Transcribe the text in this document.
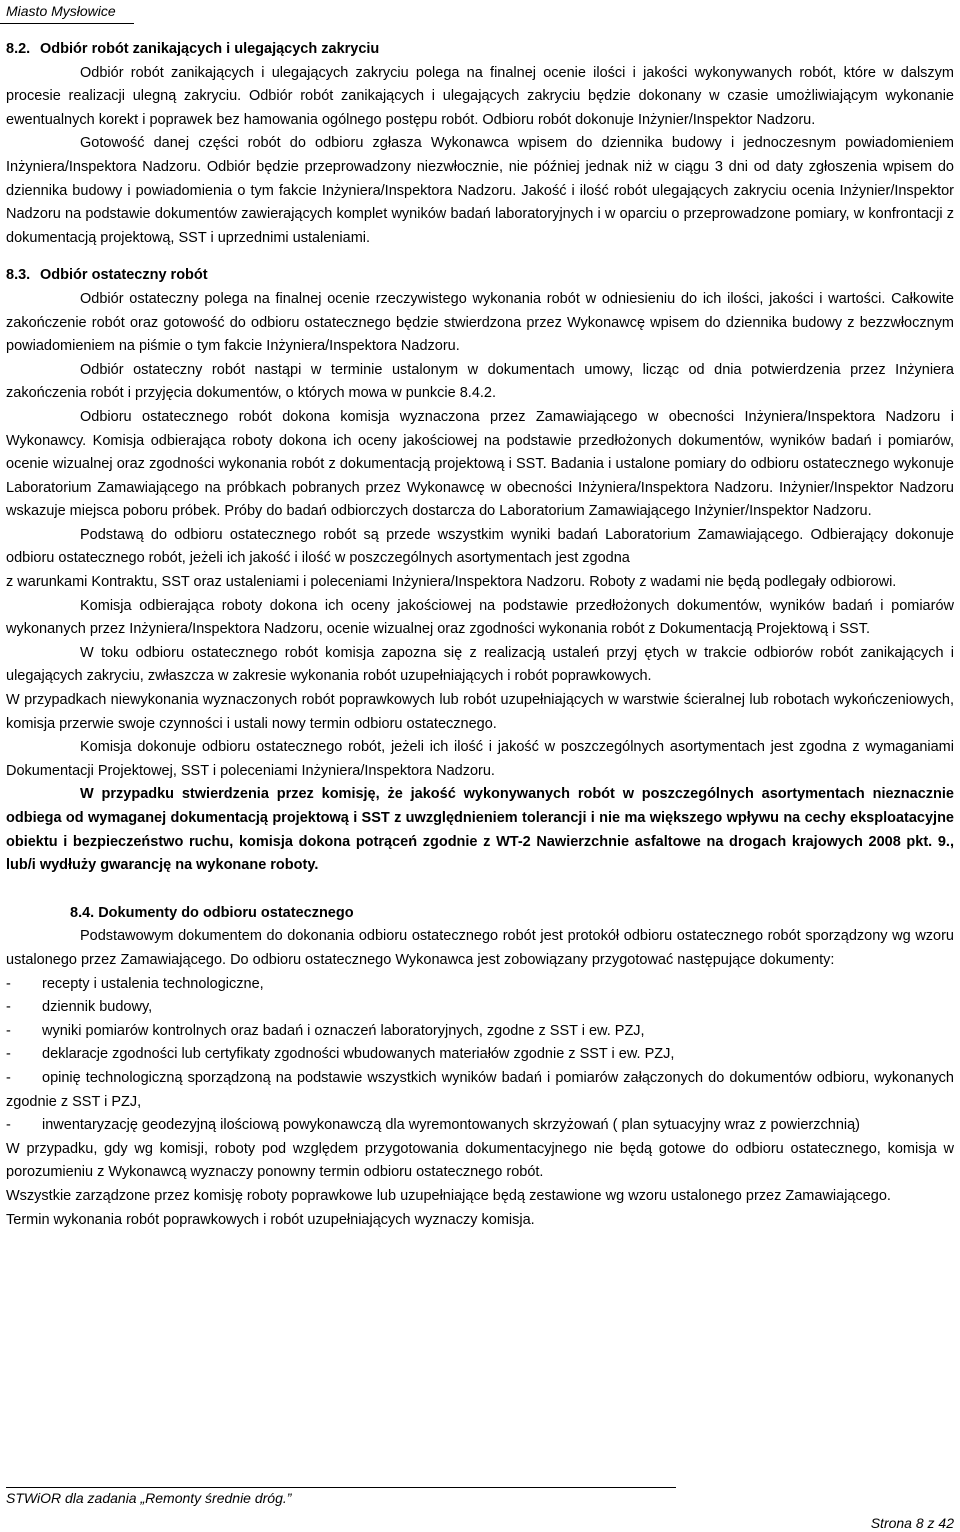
Miasto Mysłowice

8.2. Odbiór robót zanikających i ulegających zakryciu

Odbiór robót zanikających i ulegających zakryciu polega na finalnej ocenie ilości i jakości wykonywanych robót, które w dalszym procesie realizacji ulegną zakryciu. Odbiór robót zanikających i ulegających zakryciu będzie dokonany w czasie umożliwiającym wykonanie ewentualnych korekt i poprawek bez hamowania ogólnego postępu robót. Odbioru robót dokonuje Inżynier/Inspektor Nadzoru.

Gotowość danej części robót do odbioru zgłasza Wykonawca wpisem do dziennika budowy i jednoczesnym powiadomieniem Inżyniera/Inspektora Nadzoru. Odbiór będzie przeprowadzony niezwłocznie, nie później jednak niż w ciągu 3 dni od daty zgłoszenia wpisem do dziennika budowy i powiadomienia o tym fakcie Inżyniera/Inspektora Nadzoru. Jakość i ilość robót ulegających zakryciu ocenia Inżynier/Inspektor Nadzoru na podstawie dokumentów zawierających komplet wyników badań laboratoryjnych i w oparciu o przeprowadzone pomiary, w konfrontacji z dokumentacją projektową, SST i uprzednimi ustaleniami.

8.3. Odbiór ostateczny robót

Odbiór ostateczny polega na finalnej ocenie rzeczywistego wykonania robót w odniesieniu do ich ilości, jakości i wartości. Całkowite zakończenie robót oraz gotowość do odbioru ostatecznego będzie stwierdzona przez Wykonawcę wpisem do dziennika budowy z bezzwłocznym powiadomieniem na piśmie o tym fakcie Inżyniera/Inspektora Nadzoru.

Odbiór ostateczny robót nastąpi w terminie ustalonym w dokumentach umowy, licząc od dnia potwierdzenia przez Inżyniera zakończenia robót i przyjęcia dokumentów, o których mowa w punkcie 8.4.2.

Odbioru ostatecznego robót dokona komisja wyznaczona przez Zamawiającego w obecności Inżyniera/Inspektora Nadzoru i Wykonawcy. Komisja odbierająca roboty dokona ich oceny jakościowej na podstawie przedłożonych dokumentów, wyników badań i pomiarów, ocenie wizualnej oraz zgodności wykonania robót z dokumentacją projektową i SST. Badania i ustalone pomiary do odbioru ostatecznego wykonuje Laboratorium Zamawiającego na próbkach pobranych przez Wykonawcę w obecności Inżyniera/Inspektora Nadzoru. Inżynier/Inspektor Nadzoru wskazuje miejsca poboru próbek. Próby do badań odbiorczych dostarcza do Laboratorium Zamawiającego Inżynier/Inspektor Nadzoru.

Podstawą do odbioru ostatecznego robót są przede wszystkim wyniki badań Laboratorium Zamawiającego. Odbierający dokonuje odbioru ostatecznego robót, jeżeli ich jakość i ilość w poszczególnych asortymentach jest zgodna

z warunkami Kontraktu, SST oraz ustaleniami i poleceniami Inżyniera/Inspektora Nadzoru. Roboty z wadami nie będą podlegały odbiorowi.

Komisja odbierająca roboty dokona ich oceny jakościowej na podstawie przedłożonych dokumentów, wyników badań i pomiarów wykonanych przez Inżyniera/Inspektora Nadzoru, ocenie wizualnej oraz zgodności wykonania robót z Dokumentacją Projektową i SST.

W toku odbioru ostatecznego robót komisja zapozna się z realizacją ustaleń przyj ętych w trakcie odbiorów robót zanikających i ulegających zakryciu, zwłaszcza w zakresie wykonania robót uzupełniających i robót poprawkowych.

W przypadkach niewykonania wyznaczonych robót poprawkowych lub robót uzupełniających w warstwie ścieralnej lub robotach wykończeniowych, komisja przerwie swoje czynności i ustali nowy termin odbioru ostatecznego.

Komisja dokonuje odbioru ostatecznego robót, jeżeli ich ilość i jakość w poszczególnych asortymentach jest zgodna z wymaganiami Dokumentacji Projektowej, SST i poleceniami Inżyniera/Inspektora Nadzoru.

W przypadku stwierdzenia przez komisję, że jakość wykonywanych robót w poszczególnych asortymentach nieznacznie odbiega od wymaganej dokumentacją projektową i SST z uwzględnieniem tolerancji i nie ma większego wpływu na cechy eksploatacyjne obiektu i bezpieczeństwo ruchu, komisja dokona potrąceń zgodnie z WT-2 Nawierzchnie asfaltowe na drogach krajowych 2008 pkt. 9., lub/i wydłuży gwarancję na wykonane roboty.

8.4. Dokumenty do odbioru ostatecznego

Podstawowym dokumentem do dokonania odbioru ostatecznego robót jest protokół odbioru ostatecznego robót sporządzony wg wzoru ustalonego przez Zamawiającego. Do odbioru ostatecznego Wykonawca jest zobowiązany przygotować następujące dokumenty:

- recepty i ustalenia technologiczne,

- dziennik budowy,

- wyniki pomiarów kontrolnych oraz badań i oznaczeń laboratoryjnych, zgodne z SST i ew. PZJ,

- deklaracje zgodności lub certyfikaty zgodności wbudowanych materiałów zgodnie z SST i ew. PZJ,

- opinię technologiczną sporządzoną na podstawie wszystkich wyników badań i pomiarów załączonych do dokumentów odbioru, wykonanych zgodnie z SST i PZJ,

- inwentaryzację geodezyjną ilościową powykonawczą dla wyremontowanych skrzyżowań ( plan sytuacyjny wraz z powierzchnią)

W przypadku, gdy wg komisji, roboty pod względem przygotowania dokumentacyjnego nie będą gotowe do odbioru ostatecznego, komisja w porozumieniu z Wykonawcą wyznaczy ponowny termin odbioru ostatecznego robót.

Wszystkie zarządzone przez komisję roboty poprawkowe lub uzupełniające będą zestawione wg wzoru ustalonego przez Zamawiającego.

Termin wykonania robót poprawkowych i robót uzupełniających wyznaczy komisja.

STWiOR dla zadania „Remonty średnie dróg.”
Strona 8 z 42
